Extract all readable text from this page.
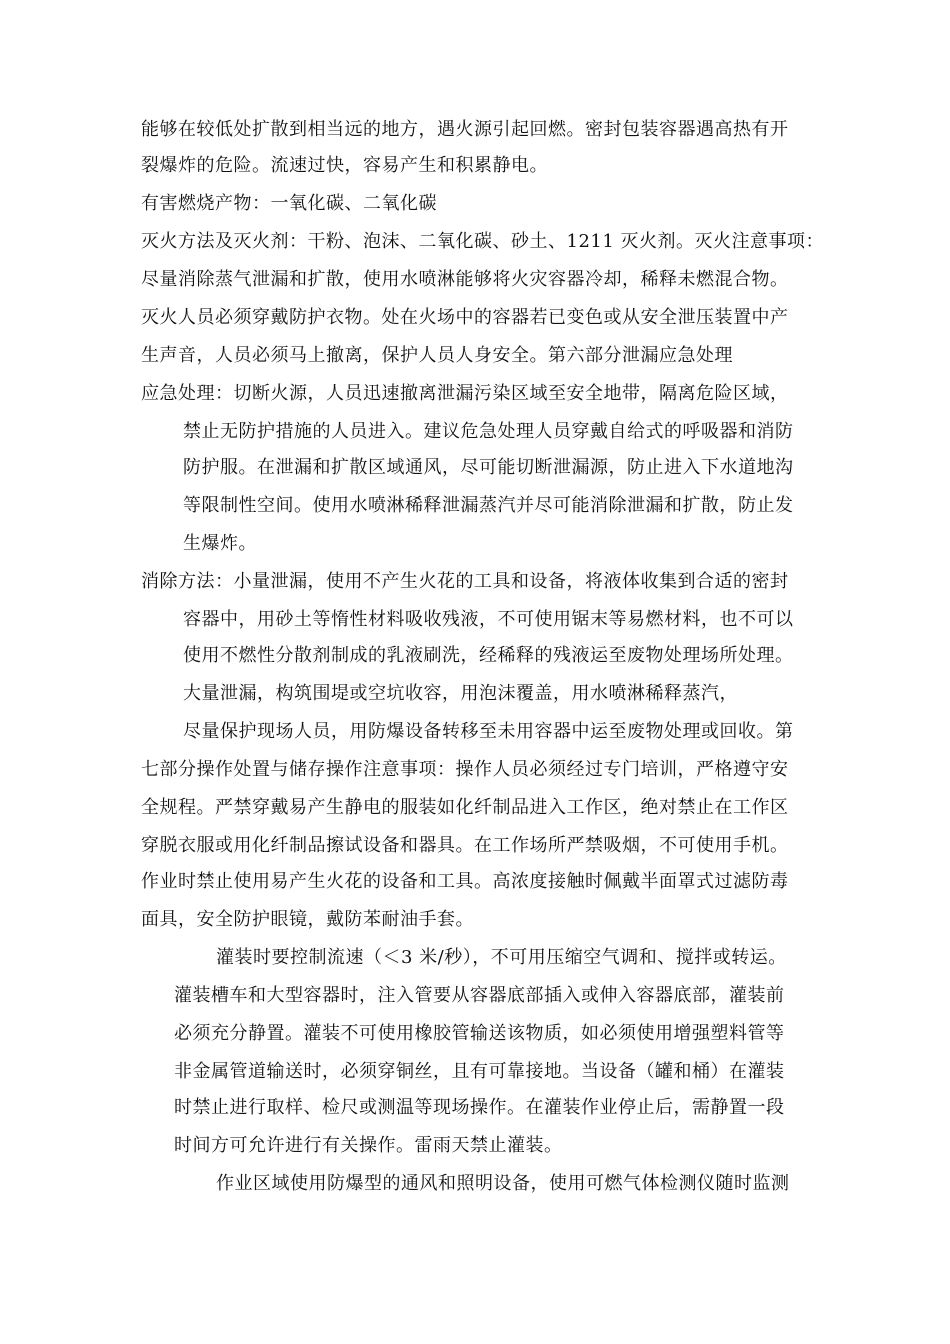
能够在较低处扩散到相当远的地方，遇火源引起回燃。密封包装容器遇高热有开

裂爆炸的危险。流速过快，容易产生和积累静电。

有害燃烧产物：一氧化碳、二氧化碳

灭火方法及灭火剂：干粉、泡沫、二氧化碳、砂土、1211 灭火剂。灭火注意事项：

尽量消除蒸气泄漏和扩散，使用水喷淋能够将火灾容器冷却，稀释未燃混合物。

灭火人员必须穿戴防护衣物。处在火场中的容器若已变色或从安全泄压装置中产

生声音，人员必须马上撤离，保护人员人身安全。第六部分泄漏应急处理

应急处理：切断火源，人员迅速撤离泄漏污染区域至安全地带，隔离危险区域，

禁止无防护措施的人员进入。建议危急处理人员穿戴自给式的呼吸器和消防

防护服。在泄漏和扩散区域通风，尽可能切断泄漏源，防止进入下水道地沟

等限制性空间。使用水喷淋稀释泄漏蒸汽并尽可能消除泄漏和扩散，防止发

生爆炸。

消除方法：小量泄漏，使用不产生火花的工具和设备，将液体收集到合适的密封

容器中，用砂土等惰性材料吸收残液，不可使用锯末等易燃材料，也不可以

使用不燃性分散剂制成的乳液刷洗，经稀释的残液运至废物处理场所处理。

大量泄漏，构筑围堤或空坑收容，用泡沫覆盖，用水喷淋稀释蒸汽，

尽量保护现场人员，用防爆设备转移至未用容器中运至废物处理或回收。第

七部分操作处置与储存操作注意事项：操作人员必须经过专门培训，严格遵守安

全规程。严禁穿戴易产生静电的服装如化纤制品进入工作区，绝对禁止在工作区

穿脱衣服或用化纤制品擦试设备和器具。在工作场所严禁吸烟，不可使用手机。

作业时禁止使用易产生火花的设备和工具。高浓度接触时佩戴半面罩式过滤防毒

面具，安全防护眼镜，戴防苯耐油手套。

灌装时要控制流速（＜3 米/秒），不可用压缩空气调和、搅拌或转运。

灌装槽车和大型容器时，注入管要从容器底部插入或伸入容器底部，灌装前

必须充分静置。灌装不可使用橡胶管输送该物质，如必须使用增强塑料管等

非金属管道输送时，必须穿铜丝，且有可靠接地。当设备（罐和桶）在灌装

时禁止进行取样、检尺或测温等现场操作。在灌装作业停止后，需静置一段

时间方可允许进行有关操作。雷雨天禁止灌装。

作业区域使用防爆型的通风和照明设备，使用可燃气体检测仪随时监测
